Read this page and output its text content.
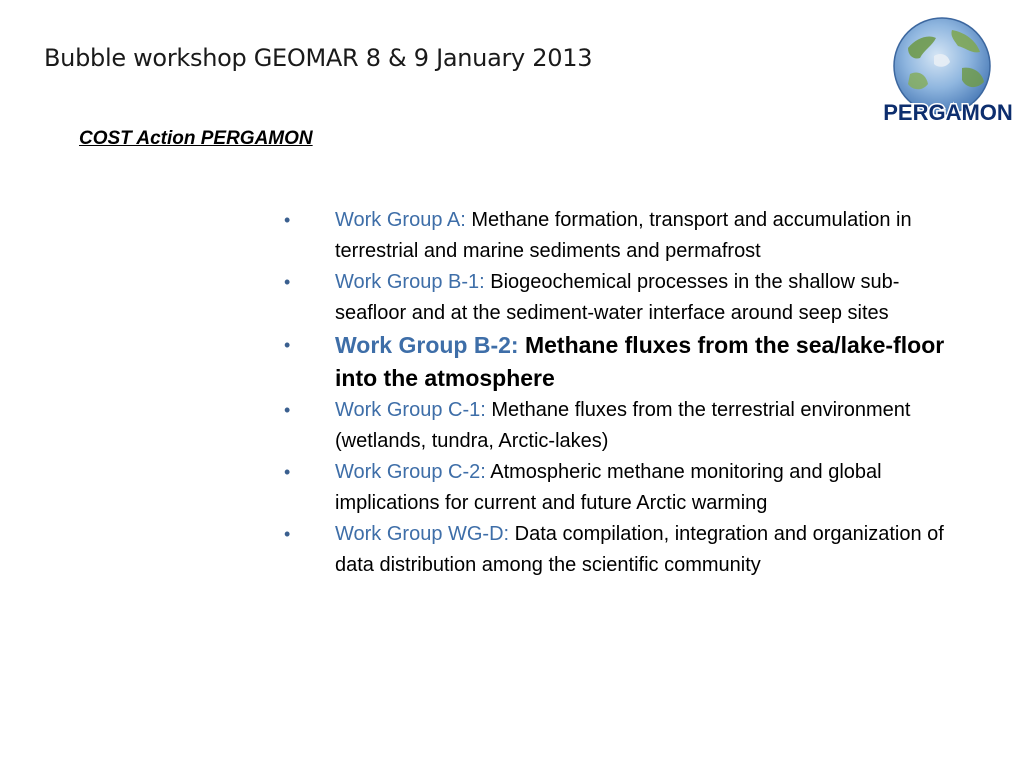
Bubble workshop GEOMAR 8 & 9 January 2013
PERGAMON
COST Action PERGAMON
• Work Group A: Methane formation, transport and accumulation in terrestrial and marine sediments and permafrost
• Work Group B-1: Biogeochemical processes in the shallow sub-seafloor and at the sediment-water interface around seep sites
• Work Group B-2: Methane fluxes from the sea/lake-floor into the atmosphere
• Work Group C-1: Methane fluxes from the terrestrial environment (wetlands, tundra, Arctic-lakes)
• Work Group C-2: Atmospheric methane monitoring and global implications for current and future Arctic warming
• Work Group WG-D: Data compilation, integration and organization of data distribution among the scientific community
